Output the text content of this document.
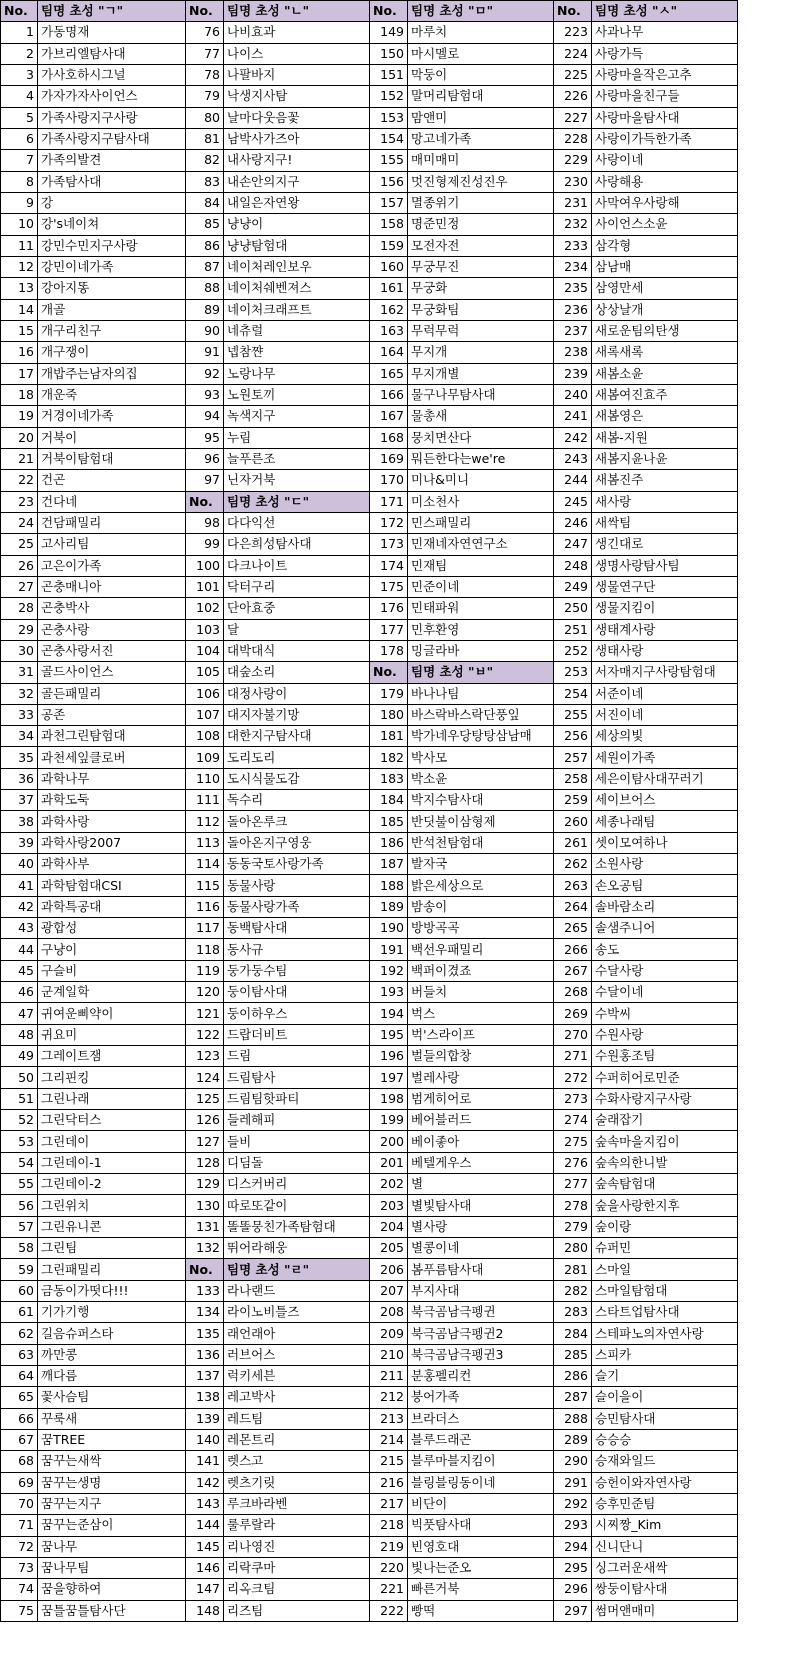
No.	팀명 초성 "ㄱ"	No.	팀명 초성 "ㄴ"	No.	팀명 초성 "ㅁ"	No.	팀명 초성 "ㅅ"
1	가동명재	76	나비효과	149	마루치	223	사과나무
2	가브리엘탐사대	77	나이스	150	마시멜로	224	사랑가득
3	가사호하시그널	78	나팔바지	151	막둥이	225	사랑마을작은고추
4	가자가자사이언스	79	낙생지사탐	152	말머리탐험대	226	사랑마을친구들
5	가족사랑지구사랑	80	날마다웃음꽃	153	맘앤미	227	사랑마을탐사대
6	가족사랑지구탐사대	81	남박사가즈아	154	망고네가족	228	사랑이가득한가족
7	가족의발견	82	내사랑지구!	155	매미매미	229	사랑이네
8	가족탐사대	83	내손안의지구	156	멋진형제진성진우	230	사랑해용
9	강	84	내일은자연왕	157	멸종위기	231	사막여우사랑해
10	강's네이쳐	85	냥냥이	158	명준민정	232	사이언스소윤
11	강민수민지구사랑	86	냥냥탐험대	159	모전자전	233	삼각형
12	강민이네가족	87	네이처레인보우	160	무궁무진	234	삼남매
13	강아지똥	88	네이처쉐벤져스	161	무궁화	235	삼영만세
14	개골	89	네이처크래프트	162	무궁화팀	236	상상날개
15	개구리친구	90	네츄럴	163	무럭무럭	237	새로운팀의탄생
16	개구쟁이	91	넵참쨘	164	무지개	238	새록새록
17	개밥주는남자의집	92	노랑나무	165	무지개별	239	새봄소윤
18	개운죽	93	노원토끼	166	물구나무탐사대	240	새봄여진효주
19	거경이네가족	94	녹색지구	167	물총새	241	새봄영은
20	거북이	95	누림	168	뭉치면산다	242	새봄-지원
21	거북이탐험대	96	늘푸른조	169	뭐든한다는we're	243	새봄지윤나윤
22	건곤	97	닌자거북	170	미나&미니	244	새봄진주
23	건다네	No.	팀명 초성 "ㄷ"	171	미소천사	245	새사랑
24	건담패밀리	98	다다익선	172	민스패밀리	246	새싹팀
25	고사리팀	99	다은희성탐사대	173	민재네자연연구소	247	생긴대로
26	고은이가족	100	다크나이트	174	민재팀	248	생명사랑탐사팀
27	곤충매니아	101	닥터구리	175	민준이네	249	생물연구단
28	곤충박사	102	단아효중	176	민태파워	250	생물지킴이
29	곤충사랑	103	달	177	민후환영	251	생태계사랑
30	곤충사랑서진	104	대박대식	178	밍글라바	252	생태사랑
31	골드사이언스	105	대숲소리	No.	팀명 초성 "ㅂ"	253	서자매지구사랑탐험대
32	골든패밀리	106	대정사랑이	179	바나나팀	254	서준이네
33	공존	107	대지자불기망	180	바스락바스락단풍잎	255	서진이네
34	과천그린탐험대	108	대한지구탐사대	181	박가네우당탕탕삼남매	256	세상의빛
35	과천세잎클로버	109	도리도리	182	박사모	257	세원이가족
36	과학나무	110	도시식물도감	183	박소윤	258	세은이탐사대꾸러기
37	과학도둑	111	독수리	184	박지수탐사대	259	세이브어스
38	과학사랑	112	돌아온루크	185	반딧불이삼형제	260	세종나래팀
39	과학사랑2007	113	돌아온지구영웅	186	반석천탐험대	261	셋이모여하나
40	과학사부	114	동동국토사랑가족	187	발자국	262	소원사랑
41	과학탐험대CSI	115	동물사랑	188	밝은세상으로	263	손오공팀
42	과학특공대	116	동물사랑가족	189	밤송이	264	솔바람소리
43	광합성	117	동백탐사대	190	방방곡곡	265	솔샘주니어
44	구냥이	118	동사규	191	백선우패밀리	266	송도
45	구슬비	119	둥가둥수팀	192	백퍼이겼죠	267	수달사랑
46	군계일학	120	둥이탐사대	193	버들치	268	수달이네
47	귀여운삐약이	121	둥이하우스	194	벅스	269	수박씨
48	귀요미	122	드랍더비트	195	벅'스라이프	270	수원사랑
49	그레이트잼	123	드림	196	벌들의합창	271	수원홍조팀
50	그리핀킹	124	드림탐사	197	벌레사랑	272	수퍼히어로민준
51	그린나래	125	드림팀핫파티	198	범게히어로	273	수화사랑지구사랑
52	그린닥터스	126	들레해피	199	베어블러드	274	술래잡기
53	그린데이	127	들비	200	베이좋아	275	숲속마을지킴이
54	그린데이-1	128	디딤돌	201	베텔게우스	276	숲속의한니발
55	그린데이-2	129	디스커버리	202	별	277	숲속탐험대
56	그린위치	130	따로또같이	203	별빛탐사대	278	숲을사랑한지후
57	그린유니콘	131	똘똘뭉친가족탐험대	204	별사랑	279	숲이랑
58	그린팀	132	뛰어라해웅	205	별콩이네	280	슈퍼민
59	그린패밀리	No.	팀명 초성 "ㄹ"	206	봄푸름탐사대	281	스마일
60	금동이가떳다!!!	133	라나랜드	207	부지사대	282	스마일탐험대
61	기가기행	134	라이노비틀즈	208	북극곰남극펭귄	283	스타트업탐사대
62	길음슈퍼스타	135	래언래아	209	북극곰남극펭귄2	284	스테파노의자연사랑
63	까만콩	136	러브어스	210	북극곰남극펭귄3	285	스피카
64	깨다름	137	럭키세븐	211	분홍펠리컨	286	슬기
65	꽃사슴팀	138	레고박사	212	붕어가족	287	슬이을이
66	꾸룩새	139	레드팀	213	브라더스	288	승민탐사대
67	꿈TREE	140	레몬트리	214	블루드래곤	289	승승승
68	꿈꾸는새싹	141	렛스고	215	블루마블지킴이	290	승재와일드
69	꿈꾸는생명	142	렛츠기릿	216	블링블링동이네	291	승헌이와자연사랑
70	꿈꾸는지구	143	루크바라벤	217	비단이	292	승후민준팀
71	꿈꾸는준삼이	144	룰루랄라	218	빅풋탐사대	293	시찌짱_Kim
72	꿈나무	145	리나영진	219	빈영호대	294	신니단니
73	꿈나무팀	146	리락쿠마	220	빛나는준오	295	싱그러운새싹
74	꿈을향하여	147	리옥크팀	221	빠른거북	296	쌍둥이탐사대
75	꿈틀꿈틀탐사단	148	리즈팀	222	빵떡	297	썸머앤매미
